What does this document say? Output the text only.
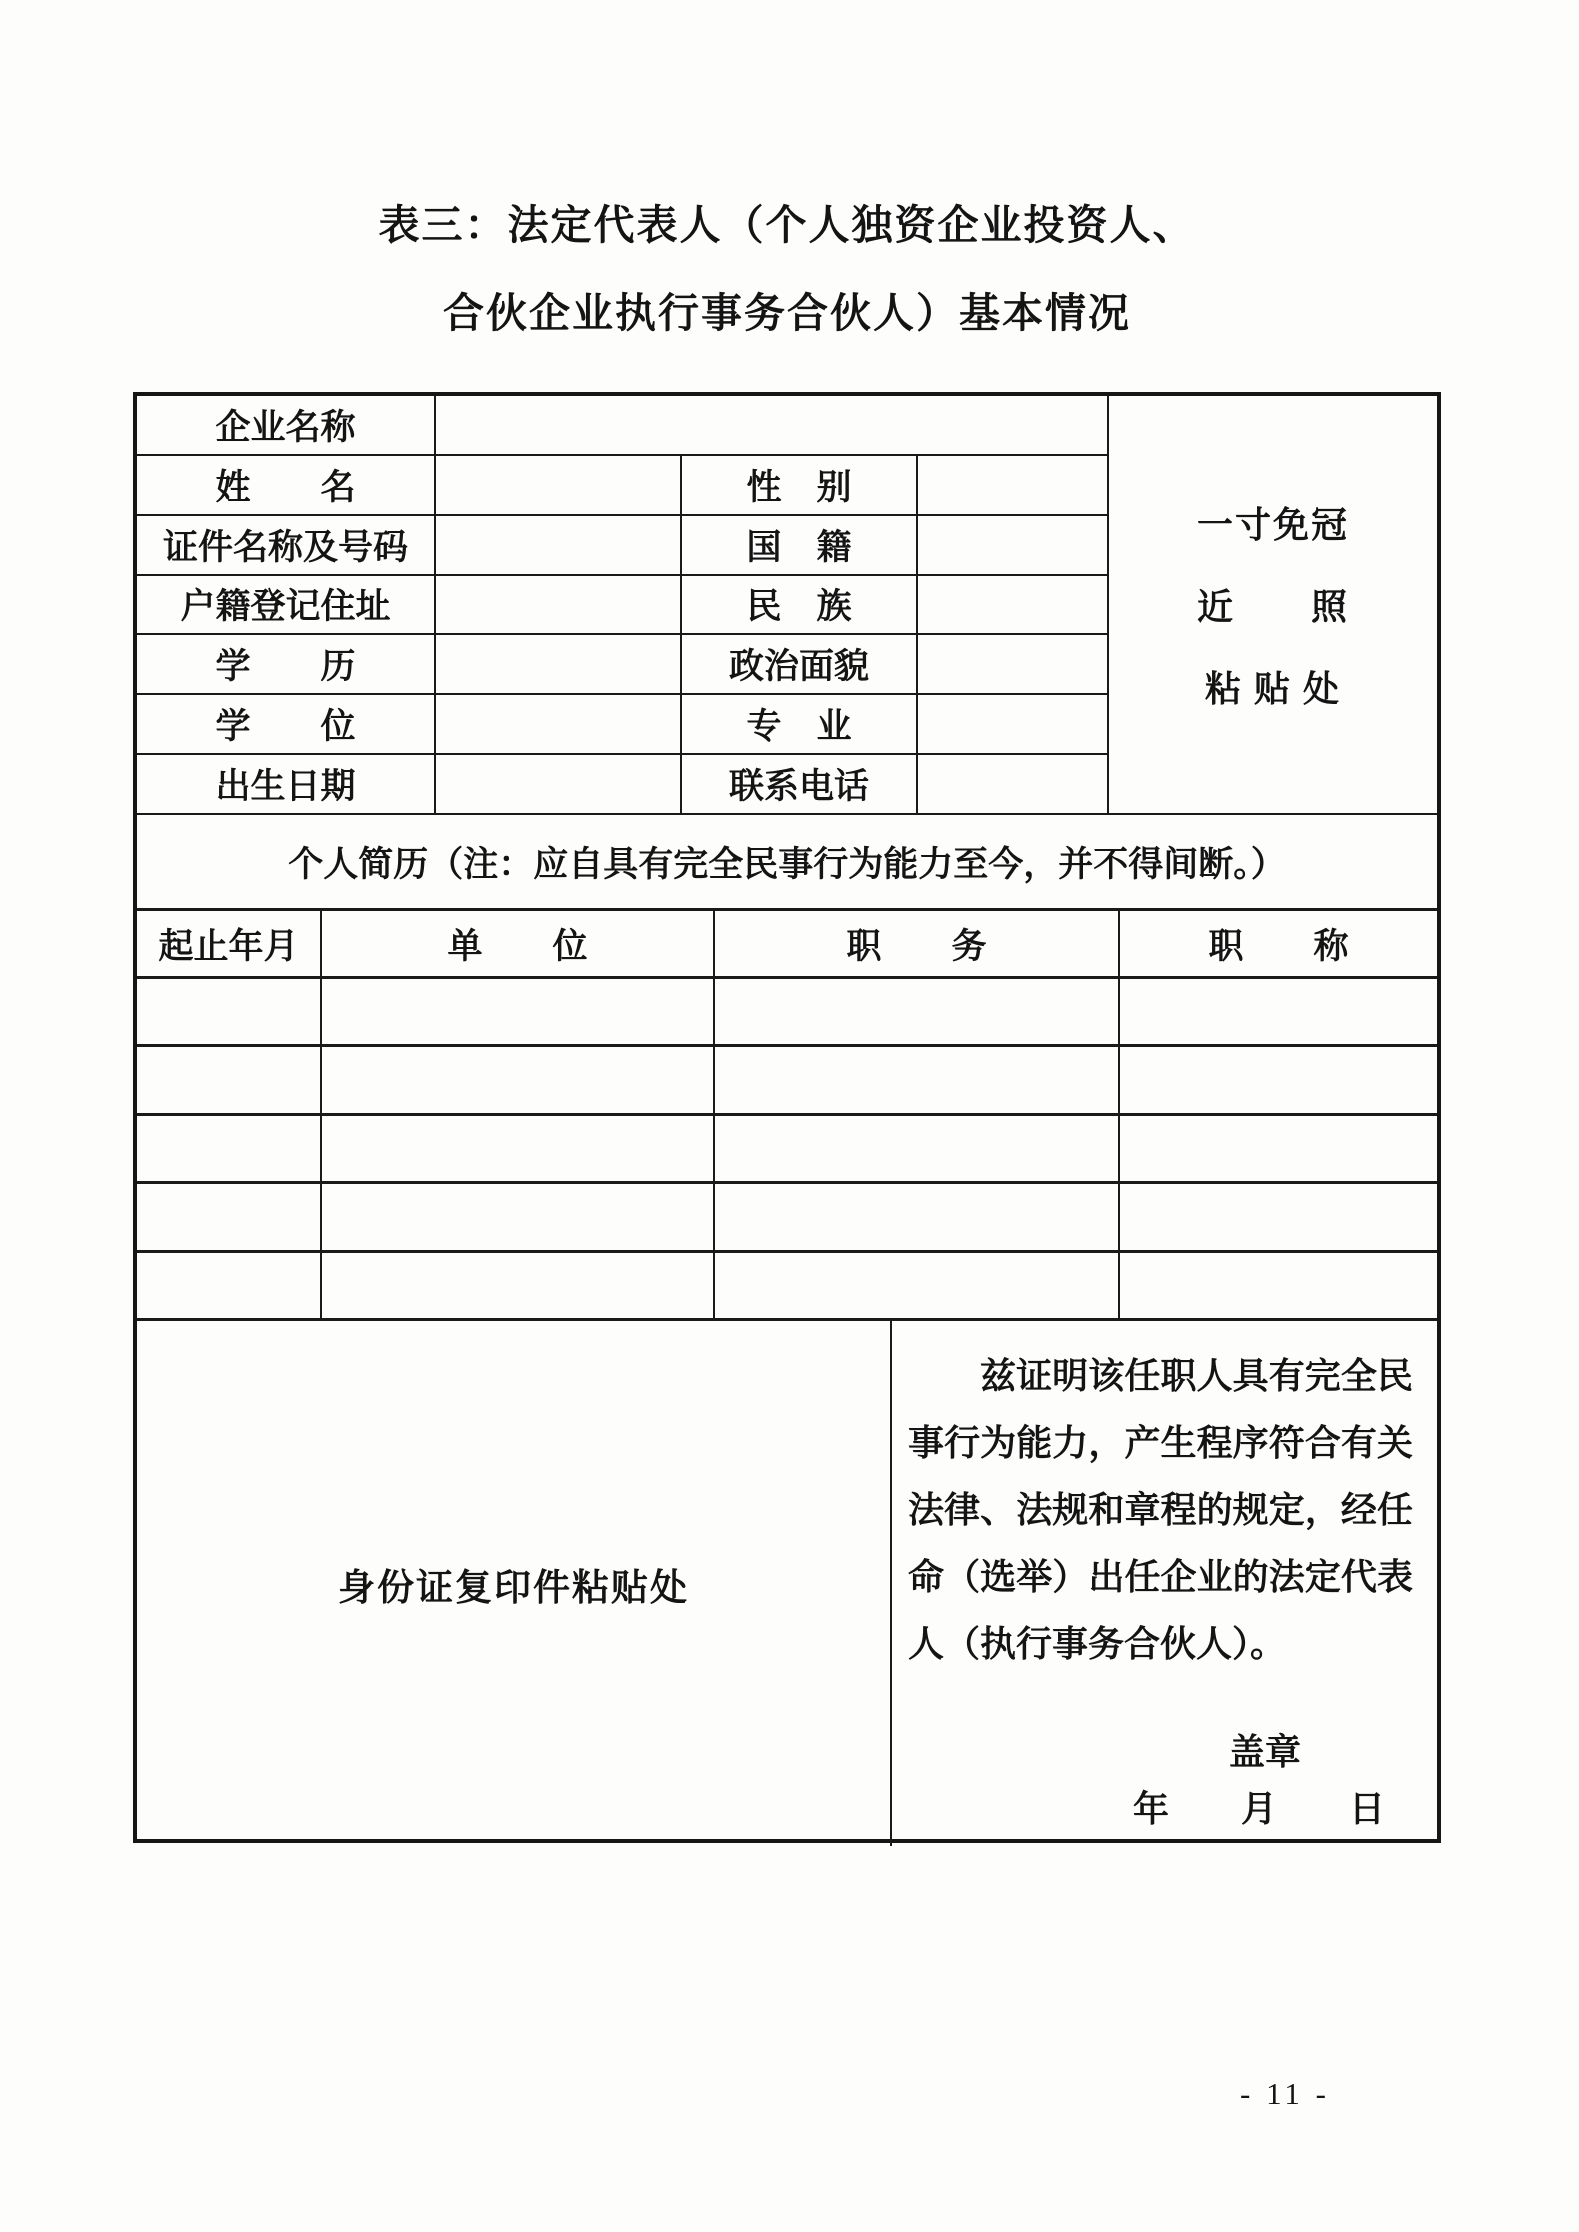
表三：法定代表人（个人独资企业投资人、
合伙企业执行事务合伙人）基本情况
企业名称
一寸免冠
近　　照
粘 贴 处
姓　　名	性　别
证件名称及号码	国　籍
户籍登记住址	民　族
学　　历	政治面貌
学　　位	专　业
出生日期	联系电话
个人简历（注：应自具有完全民事行为能力至今，并不得间断。）
起止年月	单　　位	职　　务	职　　称
身份证复印件粘贴处
兹证明该任职人具有完全民事行为能力，产生程序符合有关法律、法规和章程的规定，经任命（选举）出任企业的法定代表人（执行事务合伙人）。
盖章
年　　月　　日
- 11 -
